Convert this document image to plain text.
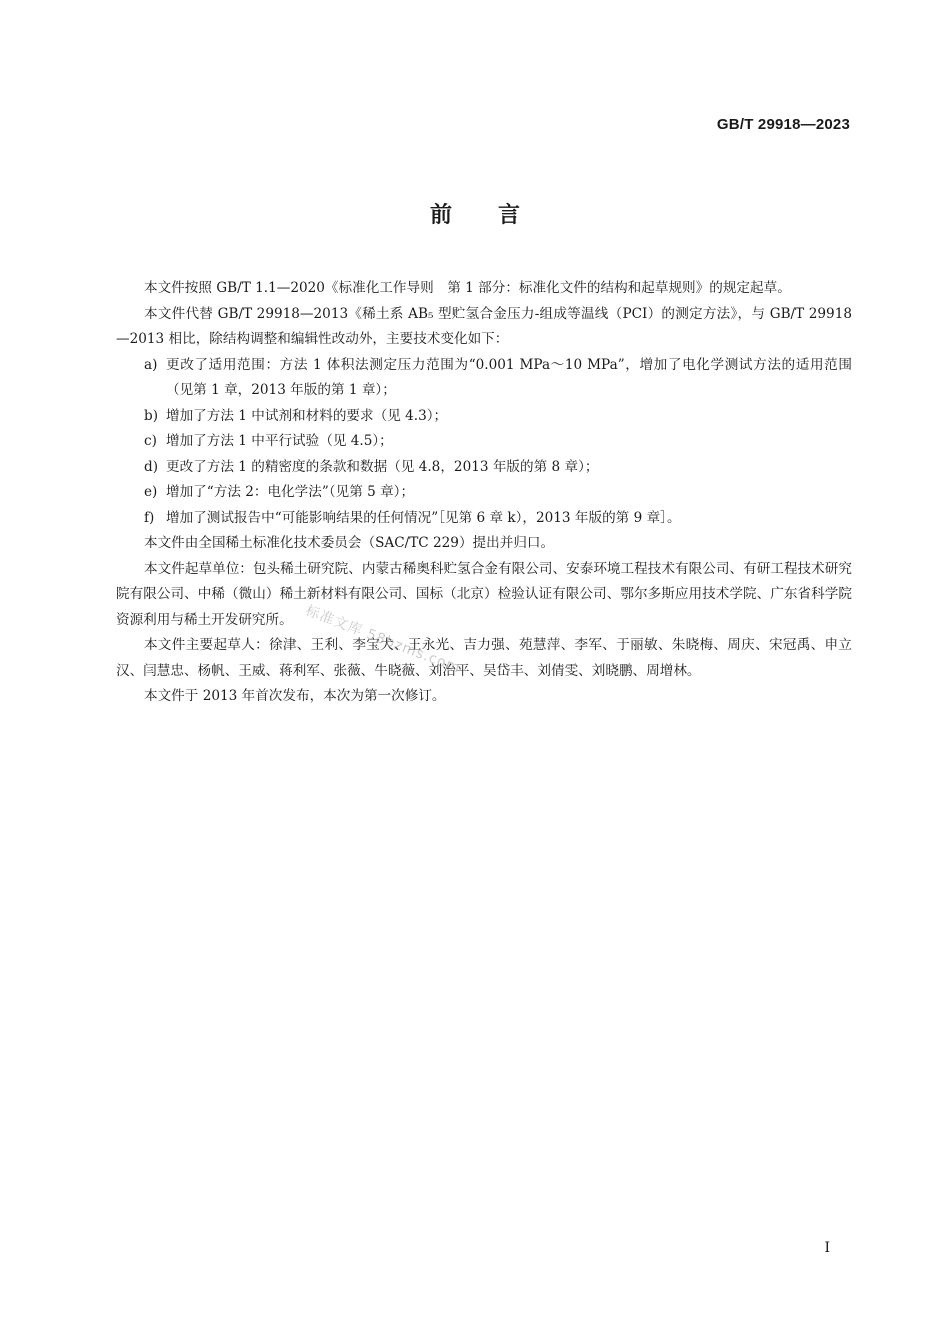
GB/T 29918—2023
前言
本文件按照 GB/T 1.1—2020《标准化工作导则　第 1 部分：标准化文件的结构和起草规则》的规定起草。
本文件代替 GB/T 29918—2013《稀土系 AB₅ 型贮氢合金压力-组成等温线（PCI）的测定方法》，与 GB/T 29918—2013 相比，除结构调整和编辑性改动外，主要技术变化如下：
a) 更改了适用范围：方法 1 体积法测定压力范围为“0.001 MPa～10 MPa”，增加了电化学测试方法的适用范围（见第 1 章，2013 年版的第 1 章）；
b) 增加了方法 1 中试剂和材料的要求（见 4.3）；
c) 增加了方法 1 中平行试验（见 4.5）；
d) 更改了方法 1 的精密度的条款和数据（见 4.8，2013 年版的第 8 章）；
e) 增加了“方法 2：电化学法”（见第 5 章）；
f) 增加了测试报告中“可能影响结果的任何情况”［见第 6 章 k），2013 年版的第 9 章］。
本文件由全国稀土标准化技术委员会（SAC/TC 229）提出并归口。
本文件起草单位：包头稀土研究院、内蒙古稀奥科贮氢合金有限公司、安泰环境工程技术有限公司、有研工程技术研究院有限公司、中稀（微山）稀土新材料有限公司、国标（北京）检验认证有限公司、鄂尔多斯应用技术学院、广东省科学院资源利用与稀土开发研究所。
本文件主要起草人：徐津、王利、李宝犬、王永光、吉力强、苑慧萍、李军、于丽敏、朱晓梅、周庆、宋冠禹、申立汉、闫慧忠、杨帆、王威、蒋利军、张薇、牛晓薇、刘治平、吴岱丰、刘倩雯、刘晓鹏、周增林。
本文件于 2013 年首次发布，本次为第一次修订。
标准文库 58bzms.com
I
